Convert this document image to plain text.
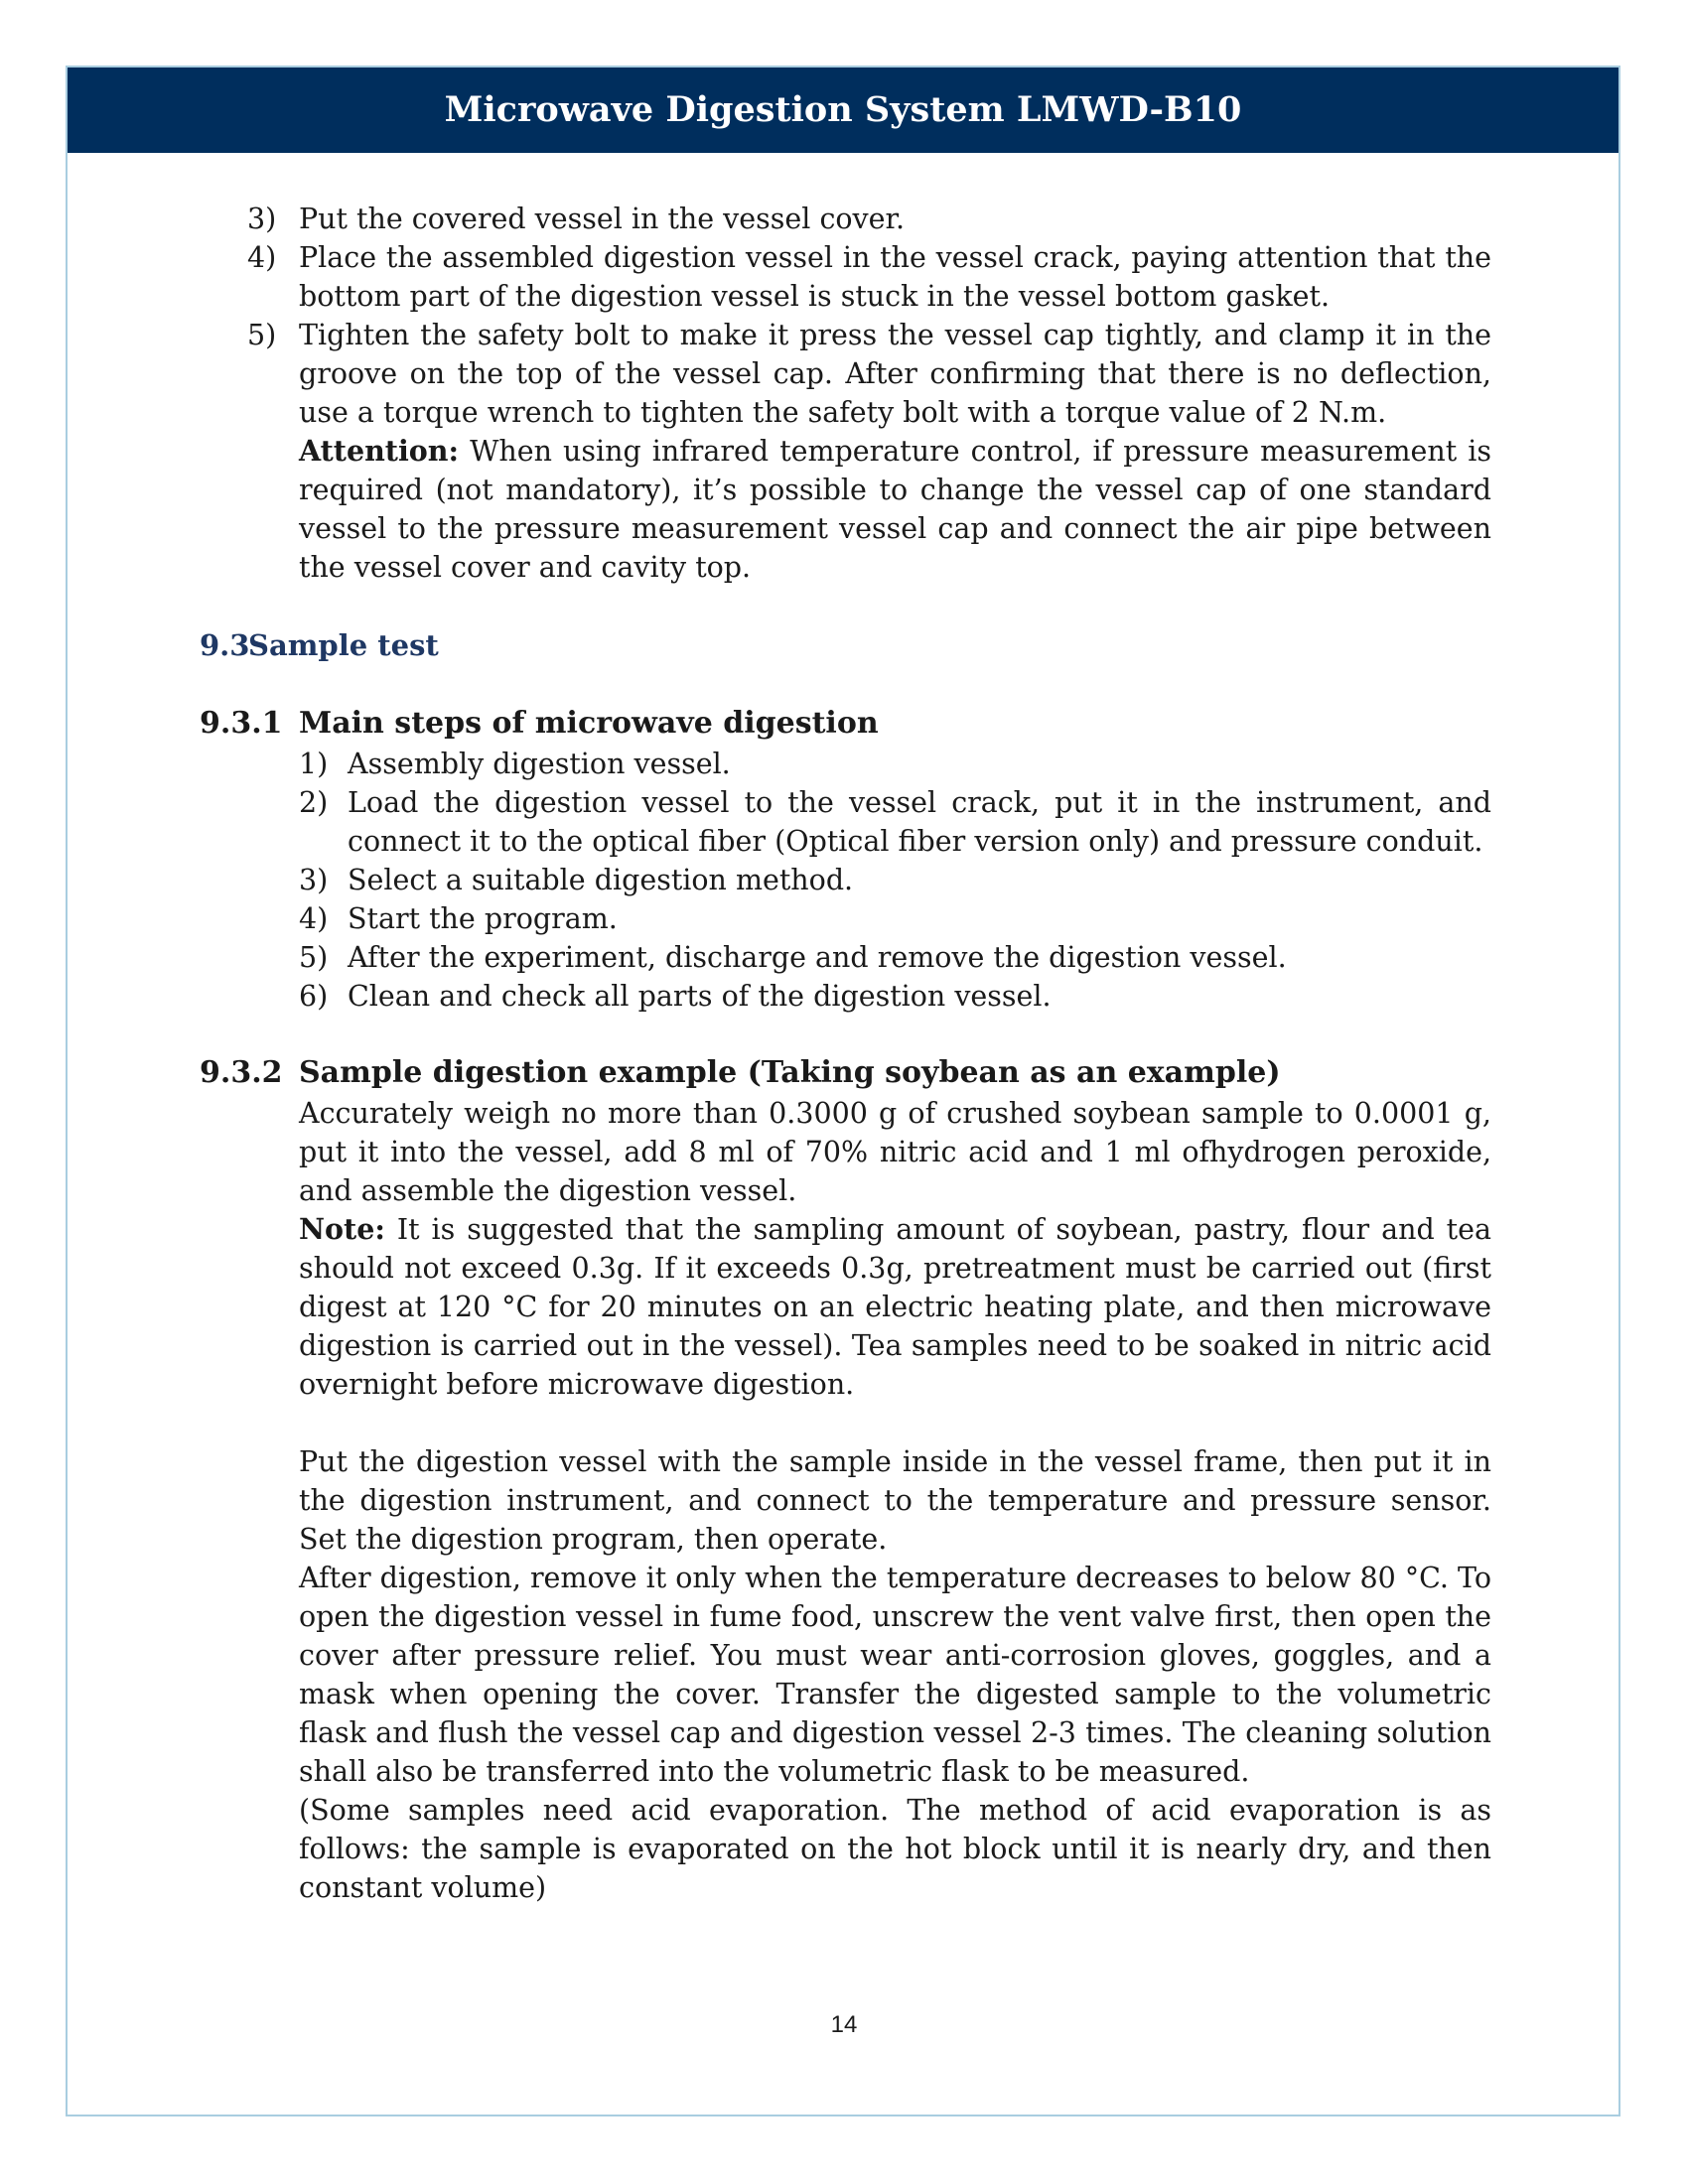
Microwave Digestion System LMWD-B10
3) Put the covered vessel in the vessel cover.

4) Place the assembled digestion vessel in the vessel crack, paying attention that the bottom part of the digestion vessel is stuck in the vessel bottom gasket.

5) Tighten the safety bolt to make it press the vessel cap tightly, and clamp it in the groove on the top of the vessel cap. After confirming that there is no deflection, use a torque wrench to tighten the safety bolt with a torque value of 2 N.m.

Attention: When using infrared temperature control, if pressure measurement is required (not mandatory), it’s possible to change the vessel cap of one standard vessel to the pressure measurement vessel cap and connect the air pipe between the vessel cover and cavity top.

9.3
Sample test
9.3.1 Main steps of microwave digestion
1) Assembly digestion vessel.

2) Load the digestion vessel to the vessel crack, put it in the instrument, and connect it to the optical fiber (Optical fiber version only) and pressure conduit.

3) Select a suitable digestion method.

4) Start the program.

5) After the experiment, discharge and remove the digestion vessel.

6) Clean and check all parts of the digestion vessel.

9.3.2 Sample digestion example (Taking soybean as an example)

Accurately weigh no more than 0.3000 g of crushed soybean sample to 0.0001 g, put it into the vessel, add 8 ml of 70% nitric acid and 1 ml ofhydrogen peroxide, and assemble the digestion vessel.

Note: It is suggested that the sampling amount of soybean, pastry, flour and tea should not exceed 0.3g. If it exceeds 0.3g, pretreatment must be carried out (first digest at 120 °C for 20 minutes on an electric heating plate, and then microwave digestion is carried out in the vessel). Tea samples need to be soaked in nitric acid overnight before microwave digestion.

Put the digestion vessel with the sample inside in the vessel frame, then put it in the digestion instrument, and connect to the temperature and pressure sensor. Set the digestion program, then operate.

After digestion, remove it only when the temperature decreases to below 80 °C. To open the digestion vessel in fume food, unscrew the vent valve first, then open the cover after pressure relief. You must wear anti-corrosion gloves, goggles, and a mask when opening the cover. Transfer the digested sample to the volumetric flask and flush the vessel cap and digestion vessel 2-3 times. The cleaning solution shall also be transferred into the volumetric flask to be measured.

(Some samples need acid evaporation. The method of acid evaporation is as follows: the sample is evaporated on the hot block until it is nearly dry, and then constant volume)

14
